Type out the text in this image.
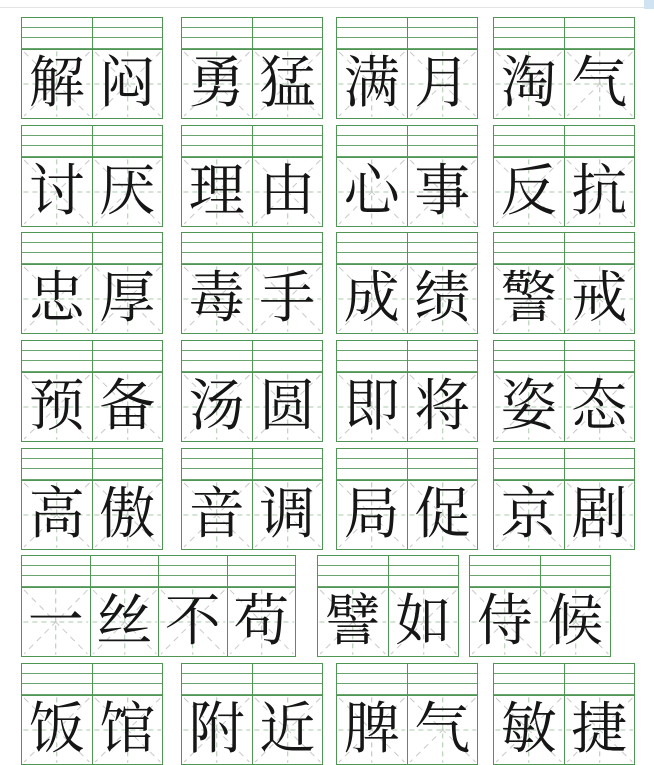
解 闷 勇 猛 满 月 淘 气
讨 厌 理 由 心 事 反 抗
忠 厚 毒 手 成 绩 警 戒
预 备 汤 圆 即 将 姿 态
高 傲 音 调 局 促 京 剧
一 丝 不 苟 譬 如 侍 候
饭 馆 附 近 脾 气 敏 捷
